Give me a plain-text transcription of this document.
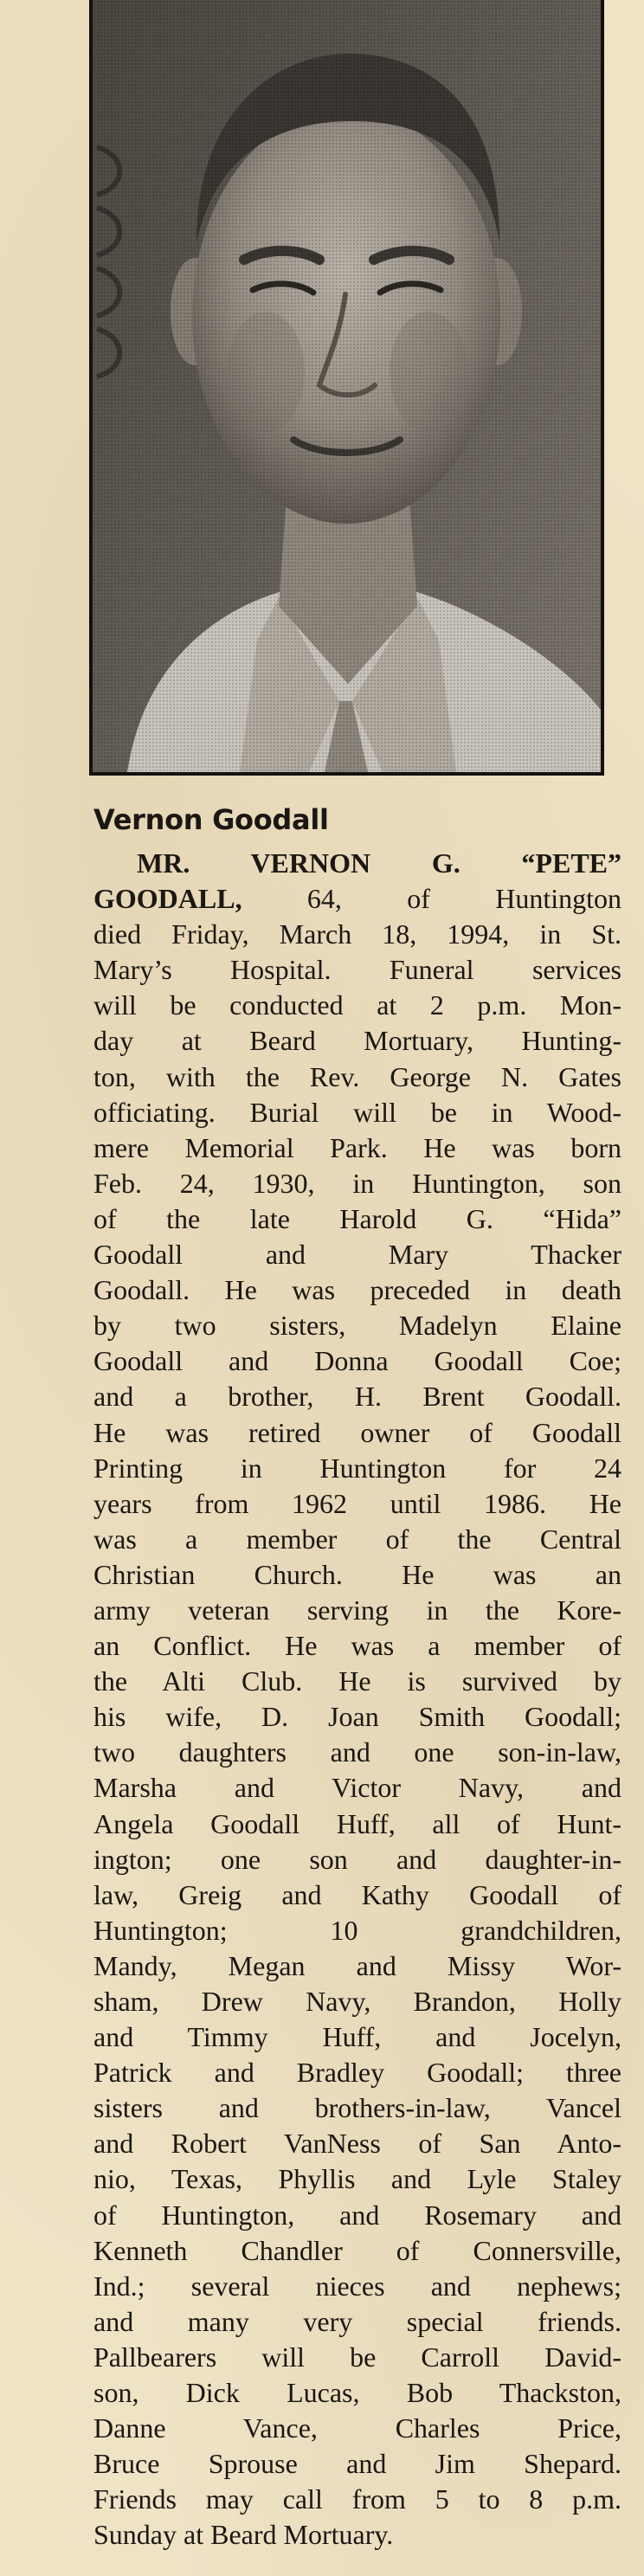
Vernon Goodall
MR. VERNON G. “PETE”
GOODALL, 64, of Huntington
died Friday, March 18, 1994, in St.
Mary’s Hospital. Funeral services
will be conducted at 2 p.m. Mon-
day at Beard Mortuary, Hunting-
ton, with the Rev. George N. Gates
officiating. Burial will be in Wood-
mere Memorial Park. He was born
Feb. 24, 1930, in Huntington, son
of the late Harold G. “Hida”
Goodall and Mary Thacker
Goodall. He was preceded in death
by two sisters, Madelyn Elaine
Goodall and Donna Goodall Coe;
and a brother, H. Brent Goodall.
He was retired owner of Goodall
Printing in Huntington for 24
years from 1962 until 1986. He
was a member of the Central
Christian Church. He was an
army veteran serving in the Kore-
an Conflict. He was a member of
the Alti Club. He is survived by
his wife, D. Joan Smith Goodall;
two daughters and one son-in-law,
Marsha and Victor Navy, and
Angela Goodall Huff, all of Hunt-
ington; one son and daughter-in-
law, Greig and Kathy Goodall of
Huntington; 10 grandchildren,
Mandy, Megan and Missy Wor-
sham, Drew Navy, Brandon, Holly
and Timmy Huff, and Jocelyn,
Patrick and Bradley Goodall; three
sisters and brothers-in-law, Vancel
and Robert VanNess of San Anto-
nio, Texas, Phyllis and Lyle Staley
of Huntington, and Rosemary and
Kenneth Chandler of Connersville,
Ind.; several nieces and nephews;
and many very special friends.
Pallbearers will be Carroll David-
son, Dick Lucas, Bob Thackston,
Danne Vance, Charles Price,
Bruce Sprouse and Jim Shepard.
Friends may call from 5 to 8 p.m.
Sunday at Beard Mortuary.
